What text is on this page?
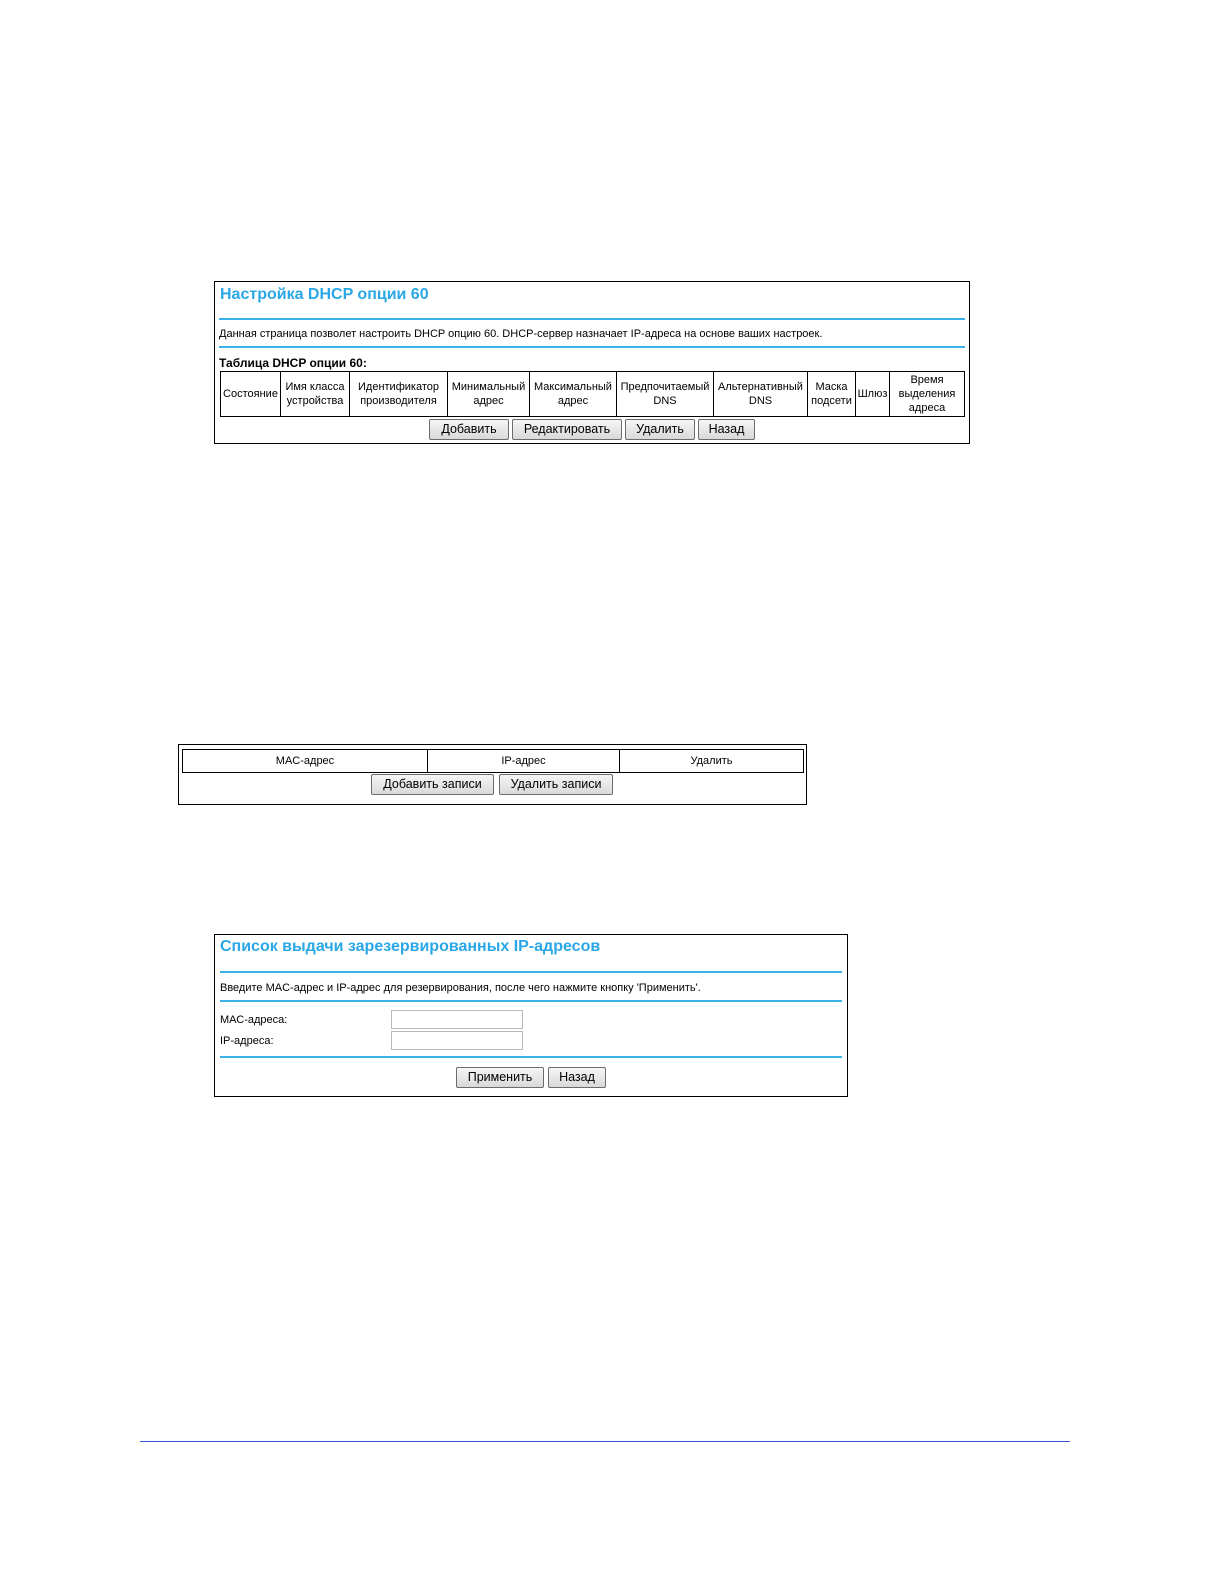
Настройка DHCP опции 60
Данная страница позволет настроить DHCP опцию 60. DHCP-сервер назначает IP-адреса на основе ваших настроек.
Таблица DHCP опции 60:
Состояние	Имя класса устройства	Идентификатор производителя	Минимальный адрес	Максимальный адрес	Предпочитаемый DNS	Альтернативный DNS	Маска подсети	Шлюз	Время выделения адреса
Добавить	Редактировать	Удалить	Назад
MAC-адрес	IP-адрес	Удалить
Добавить записи	Удалить записи
Список выдачи зарезервированных IP-адресов
Введите MAC-адрес и IP-адрес для резервирования, после чего нажмите кнопку 'Применить'.
МАС-адреса:
IP-адреса:
Применить	Назад
